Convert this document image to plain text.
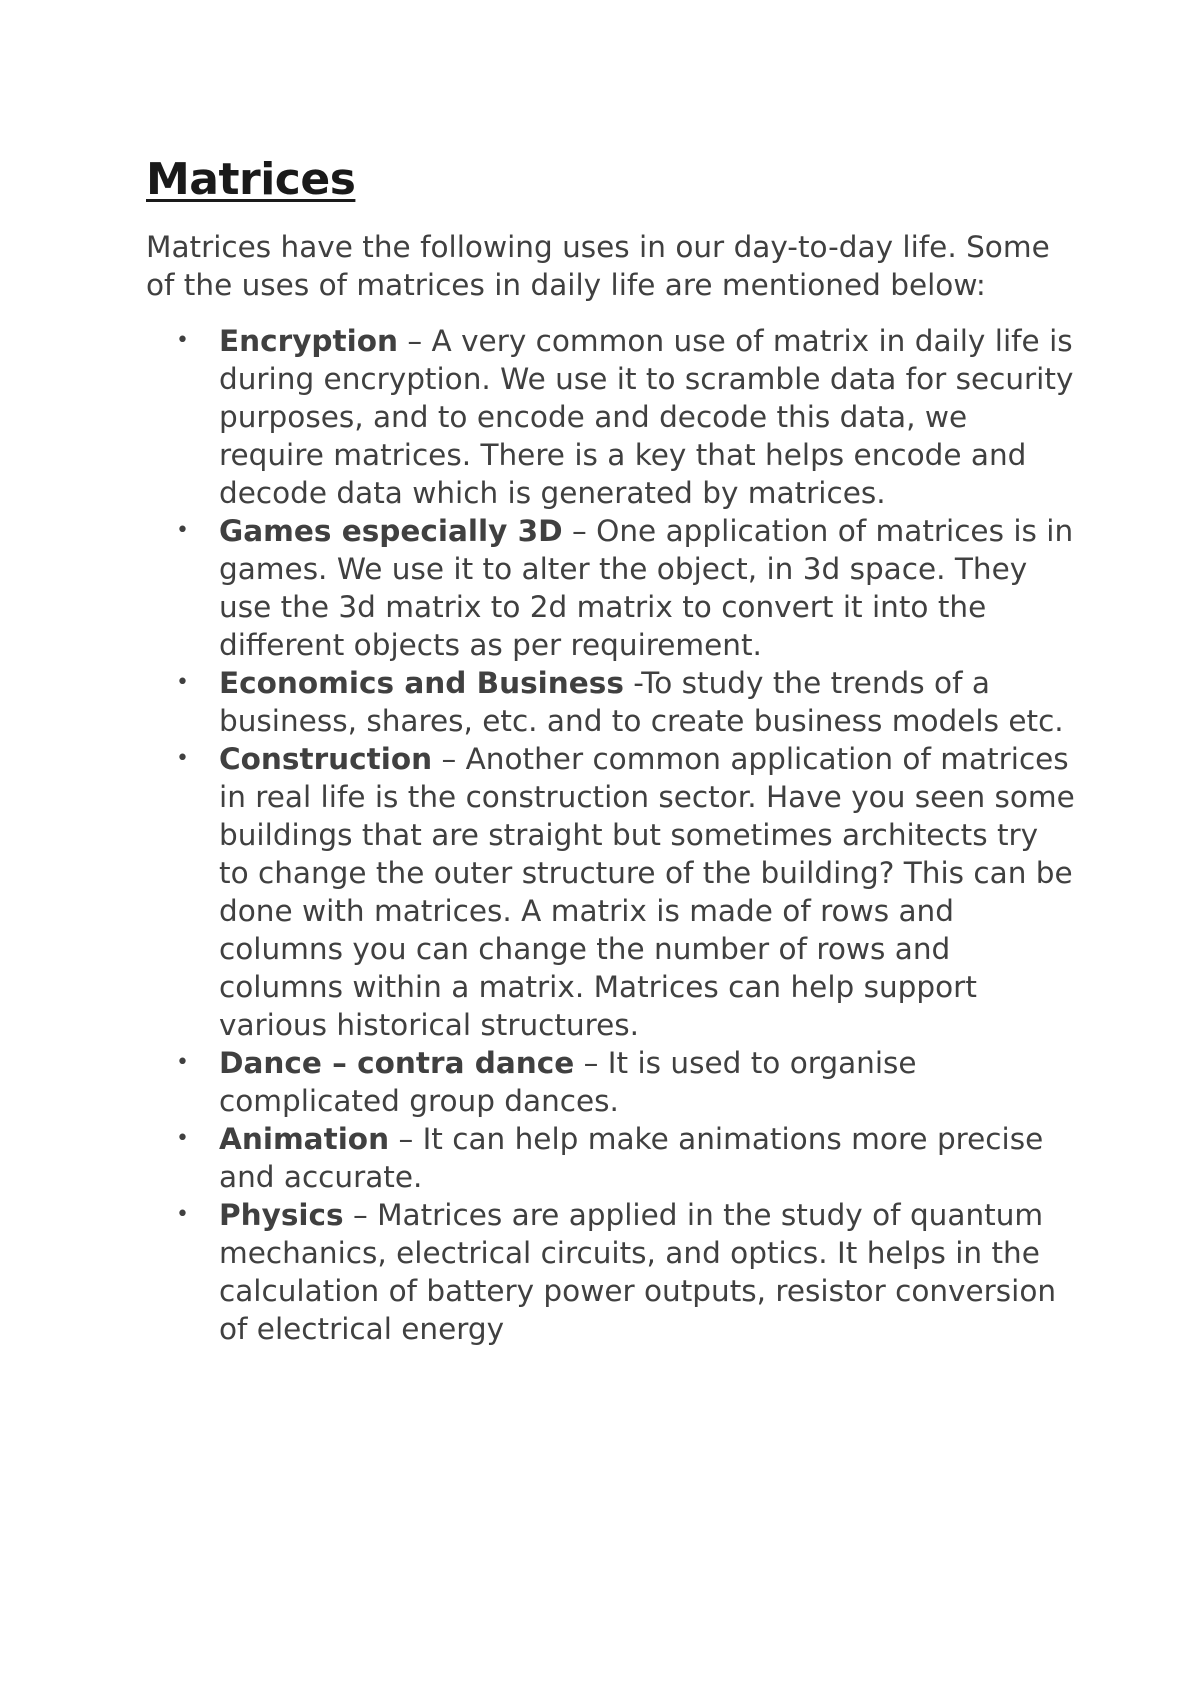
Matrices

Matrices have the following uses in our day-to-day life. Some of the uses of matrices in daily life are mentioned below:

• Encryption – A very common use of matrix in daily life is during encryption. We use it to scramble data for security purposes, and to encode and decode this data, we require matrices. There is a key that helps encode and decode data which is generated by matrices.
• Games especially 3D – One application of matrices is in games. We use it to alter the object, in 3d space. They use the 3d matrix to 2d matrix to convert it into the different objects as per requirement.
• Economics and Business -To study the trends of a business, shares, etc. and to create business models etc.
• Construction – Another common application of matrices in real life is the construction sector. Have you seen some buildings that are straight but sometimes architects try to change the outer structure of the building? This can be done with matrices. A matrix is made of rows and columns you can change the number of rows and columns within a matrix. Matrices can help support various historical structures.
• Dance – contra dance – It is used to organise complicated group dances.
• Animation – It can help make animations more precise and accurate.
• Physics – Matrices are applied in the study of quantum mechanics, electrical circuits, and optics. It helps in the calculation of battery power outputs, resistor conversion of electrical energy
